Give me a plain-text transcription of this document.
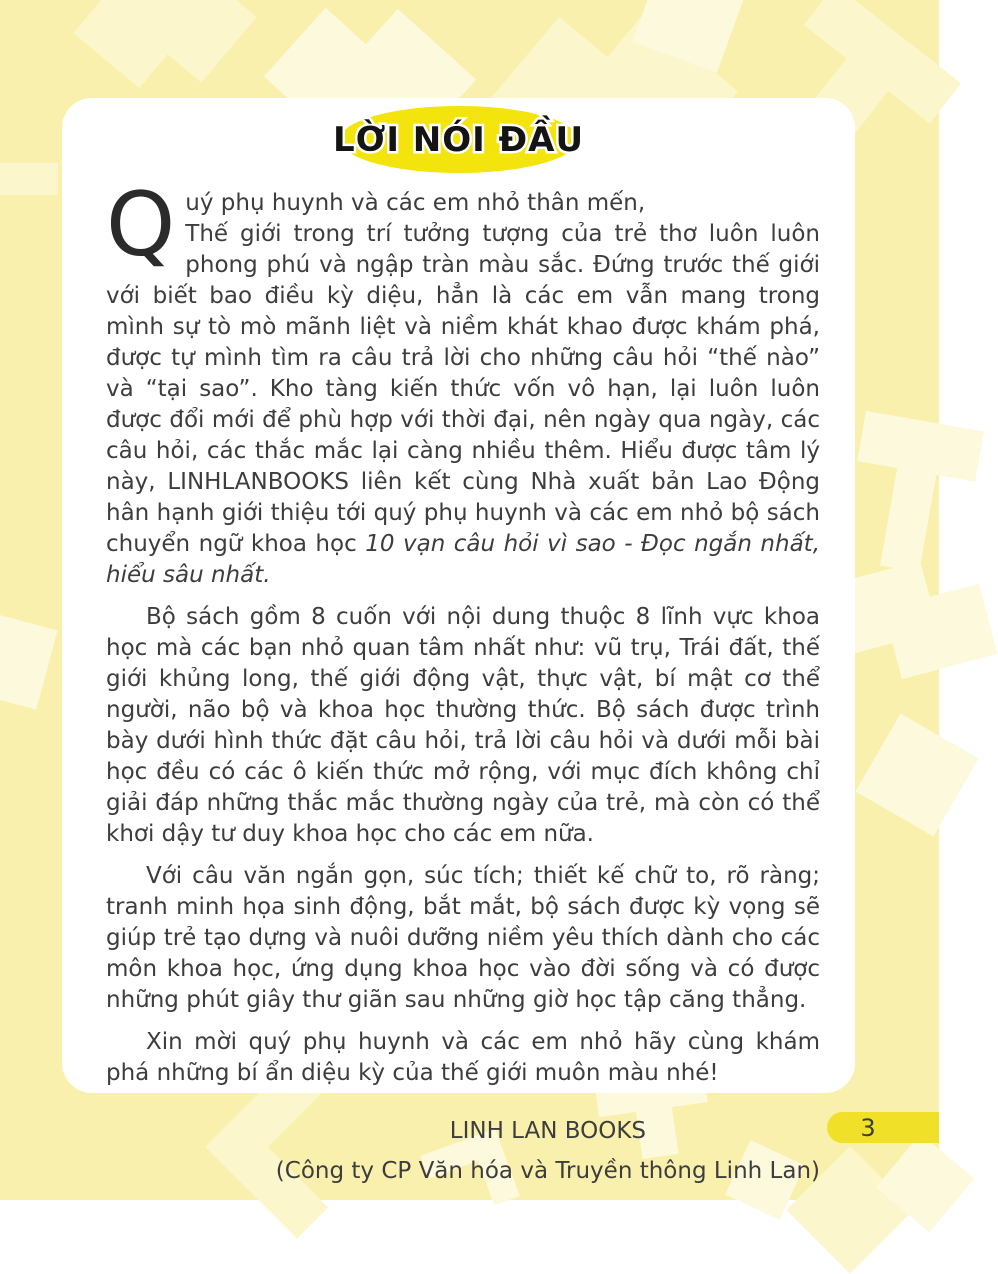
LỜI NÓI ĐẦU

Quý phụ huynh và các em nhỏ thân mến,
Thế giới trong trí tưởng tượng của trẻ thơ luôn luôn phong phú và ngập tràn màu sắc. Đứng trước thế giới với biết bao điều kỳ diệu, hẳn là các em vẫn mang trong mình sự tò mò mãnh liệt và niềm khát khao được khám phá, được tự mình tìm ra câu trả lời cho những câu hỏi “thế nào” và “tại sao”. Kho tàng kiến thức vốn vô hạn, lại luôn luôn được đổi mới để phù hợp với thời đại, nên ngày qua ngày, các câu hỏi, các thắc mắc lại càng nhiều thêm. Hiểu được tâm lý này, LINHLANBOOKS liên kết cùng Nhà xuất bản Lao Động hân hạnh giới thiệu tới quý phụ huynh và các em nhỏ bộ sách chuyển ngữ khoa học 10 vạn câu hỏi vì sao - Đọc ngắn nhất, hiểu sâu nhất.

Bộ sách gồm 8 cuốn với nội dung thuộc 8 lĩnh vực khoa học mà các bạn nhỏ quan tâm nhất như: vũ trụ, Trái đất, thế giới khủng long, thế giới động vật, thực vật, bí mật cơ thể người, não bộ và khoa học thường thức. Bộ sách được trình bày dưới hình thức đặt câu hỏi, trả lời câu hỏi và dưới mỗi bài học đều có các ô kiến thức mở rộng, với mục đích không chỉ giải đáp những thắc mắc thường ngày của trẻ, mà còn có thể khơi dậy tư duy khoa học cho các em nữa.

Với câu văn ngắn gọn, súc tích; thiết kế chữ to, rõ ràng; tranh minh họa sinh động, bắt mắt, bộ sách được kỳ vọng sẽ giúp trẻ tạo dựng và nuôi dưỡng niềm yêu thích dành cho các môn khoa học, ứng dụng khoa học vào đời sống và có được những phút giây thư giãn sau những giờ học tập căng thẳng.

Xin mời quý phụ huynh và các em nhỏ hãy cùng khám phá những bí ẩn diệu kỳ của thế giới muôn màu nhé!

LINH LAN BOOKS
(Công ty CP Văn hóa và Truyền thông Linh Lan)
3
